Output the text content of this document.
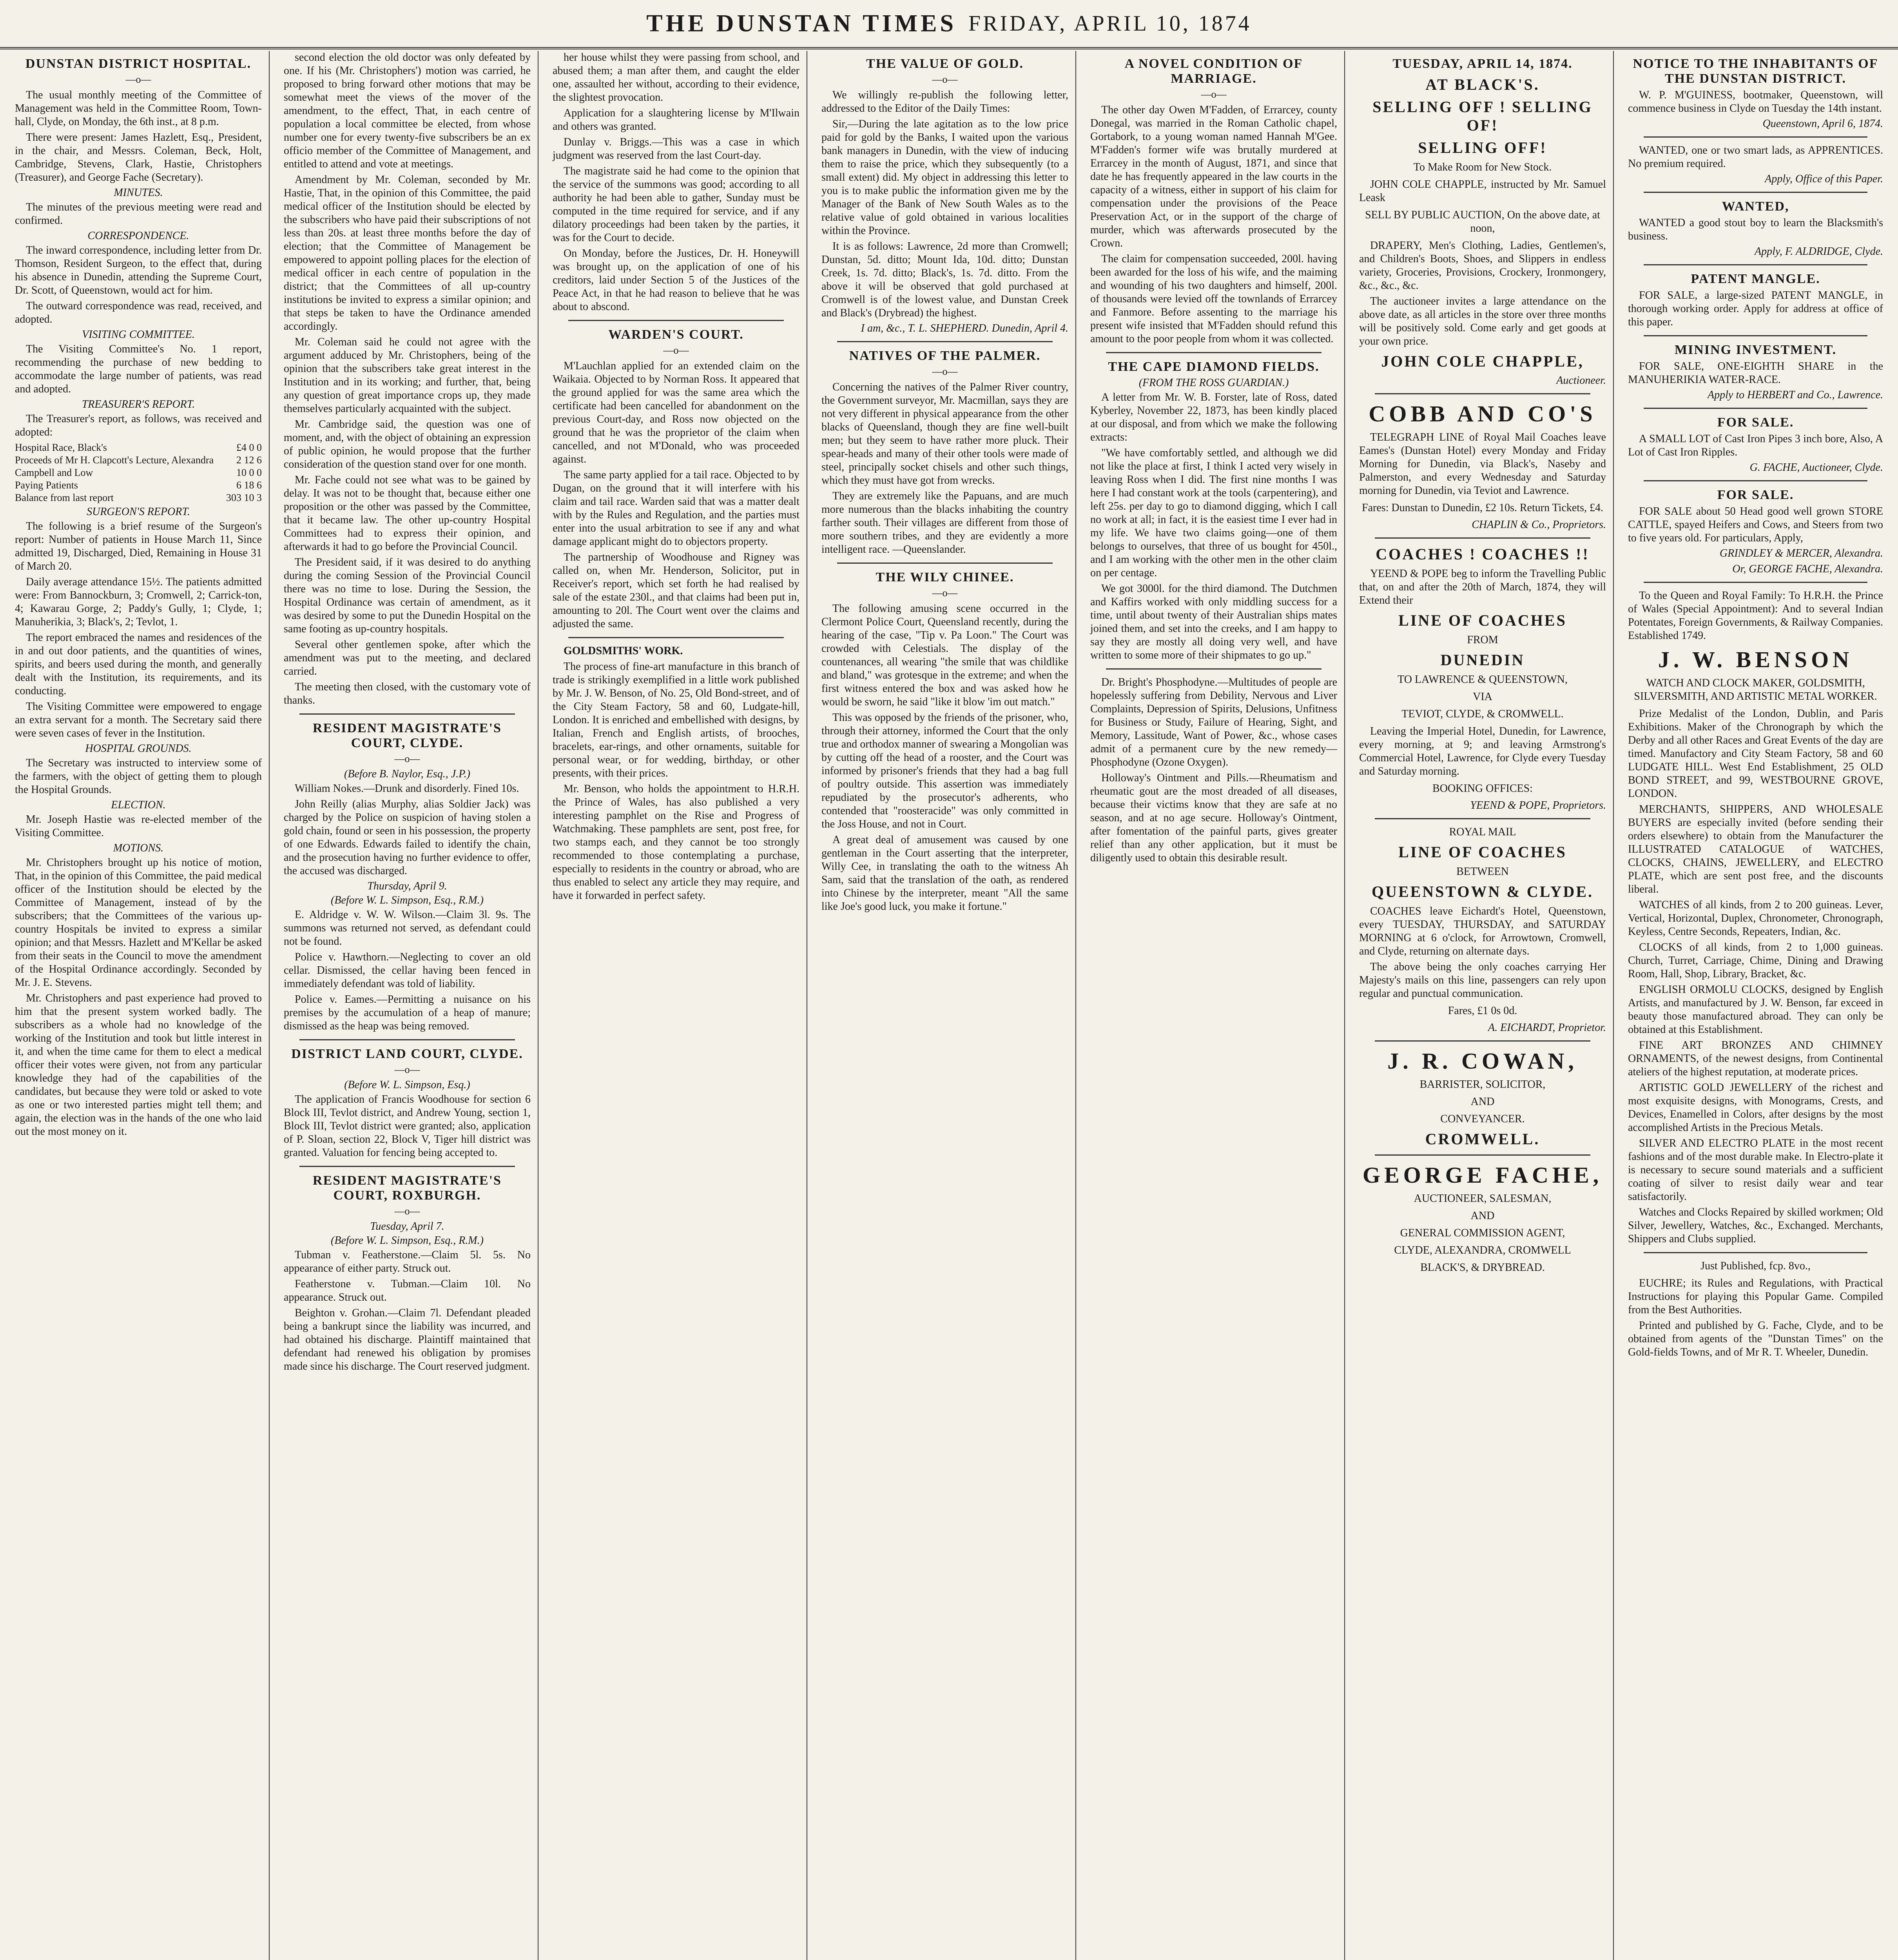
THE DUNSTAN TIMES FRIDAY, APRIL 10, 1874
DUNSTAN DISTRICT HOSPITAL.
—o—

The usual monthly meeting of the Committee of Management was held in the Committee Room, Town-hall, Clyde, on Monday, the 6th inst., at 8 p.m.

There were present: James Hazlett, Esq., President, in the chair, and Messrs. Coleman, Beck, Holt, Cambridge, Stevens, Clark, Hastie, Christophers (Treasurer), and George Fache (Secretary).

MINUTES.

The minutes of the previous meeting were read and confirmed.

CORRESPONDENCE.

The inward correspondence, including letter from Dr. Thomson, Resident Surgeon, to the effect that, during his absence in Dunedin, attending the Supreme Court, Dr. Scott, of Queenstown, would act for him.

The outward correspondence was read, received, and adopted.

VISITING COMMITTEE.

The Visiting Committee's No. 1 report, recommending the purchase of new bedding to accommodate the large number of patients, was read and adopted.

TREASURER'S REPORT.

The Treasurer's report, as follows, was received and adopted:

Hospital Race, Black's	£4 0 0
Proceeds of Mr H. Clapcott's Lecture, Alexandra 2 12 6
Campbell and Low	10 0 0
Paying Patients	6 18 6
Balance from last report	303 10 3
SURGEON'S REPORT.

The following is a brief resume of the Surgeon's report: Number of patients in House March 11, Since admitted 19, Discharged, Died, Remaining in House 31 of March 20.

Daily average attendance 15½. The patients admitted were: From Bannockburn, 3; Cromwell, 2; Carrick-ton, 4; Kawarau Gorge, 2; Paddy's Gully, 1; Clyde, 1; Manuherikia, 3; Black's, 2; Tevlot, 1.

The report embraced the names and residences of the in and out door patients, and the quantities of wines, spirits, and beers used during the month, and generally dealt with the Institution, its requirements, and its conducting.

The Visiting Committee were empowered to engage an extra servant for a month. The Secretary said there were seven cases of fever in the Institution.

HOSPITAL GROUNDS.

The Secretary was instructed to interview some of the farmers, with the object of getting them to plough the Hospital Grounds.

ELECTION.

Mr. Joseph Hastie was re-elected member of the Visiting Committee.

MOTIONS.

Mr. Christophers brought up his notice of motion, That, in the opinion of this Committee, the paid medical officer of the Institution should be elected by the Committee of Management, instead of by the subscribers; that the Committees of the various up-country Hospitals be invited to express a similar opinion; and that Messrs. Hazlett and M'Kellar be asked from their seats in the Council to move the amendment of the Hospital Ordinance accordingly. Seconded by Mr. J. E. Stevens.

Mr. Christophers and past experience had proved to him that the present system worked badly. The subscribers as a whole had no knowledge of the working of the Institution and took but little interest in it, and when the time came for them to elect a medical officer their votes were given, not from any particular knowledge they had of the capabilities of the candidates, but because they were told or asked to vote as one or two interested parties might tell them; and again, the election was in the hands of the one who laid out the most money on it.

second election the old doctor was only defeated by one. If his (Mr. Christophers') motion was carried, he proposed to bring forward other motions that may be somewhat meet the views of the mover of the amendment, to the effect, That, in each centre of population a local committee be elected, from whose number one for every twenty-five subscribers be an ex officio member of the Committee of Management, and entitled to attend and vote at meetings.

Amendment by Mr. Coleman, seconded by Mr. Hastie, That, in the opinion of this Committee, the paid medical officer of the Institution should be elected by the subscribers who have paid their subscriptions of not less than 20s. at least three months before the day of election; that the Committee of Management be empowered to appoint polling places for the election of medical officer in each centre of population in the district; that the Committees of all up-country institutions be invited to express a similar opinion; and that steps be taken to have the Ordinance amended accordingly.

Mr. Coleman said he could not agree with the argument adduced by Mr. Christophers, being of the opinion that the subscribers take great interest in the Institution and in its working; and further, that, being any question of great importance crops up, they made themselves particularly acquainted with the subject.

Mr. Cambridge said, the question was one of moment, and, with the object of obtaining an expression of public opinion, he would propose that the further consideration of the question stand over for one month.

Mr. Fache could not see what was to be gained by delay. It was not to be thought that, because either one proposition or the other was passed by the Committee, that it became law. The other up-country Hospital Committees had to express their opinion, and afterwards it had to go before the Provincial Council.

The President said, if it was desired to do anything during the coming Session of the Provincial Council there was no time to lose. During the Session, the Hospital Ordinance was certain of amendment, as it was desired by some to put the Dunedin Hospital on the same footing as up-country hospitals.

Several other gentlemen spoke, after which the amendment was put to the meeting, and declared carried.

The meeting then closed, with the customary vote of thanks.

RESIDENT MAGISTRATE'S COURT, CLYDE.
—o—
(Before B. Naylor, Esq., J.P.)

William Nokes.—Drunk and disorderly. Fined 10s.

John Reilly (alias Murphy, alias Soldier Jack) was charged by the Police on suspicion of having stolen a gold chain, found or seen in his possession, the property of one Edwards. Edwards failed to identify the chain, and the prosecution having no further evidence to offer, the accused was discharged.

Thursday, April 9.
(Before W. L. Simpson, Esq., R.M.)

E. Aldridge v. W. W. Wilson.—Claim 3l. 9s. The summons was returned not served, as defendant could not be found.

Police v. Hawthorn.—Neglecting to cover an old cellar. Dismissed, the cellar having been fenced in immediately defendant was told of liability.

Police v. Eames.—Permitting a nuisance on his premises by the accumulation of a heap of manure; dismissed as the heap was being removed.

DISTRICT LAND COURT, CLYDE.
—o—
(Before W. L. Simpson, Esq.)

The application of Francis Woodhouse for section 6 Block III, Tevlot district, and Andrew Young, section 1, Block III, Tevlot district were granted; also, application of P. Sloan, section 22, Block V, Tiger hill district was granted. Valuation for fencing being accepted to.

RESIDENT MAGISTRATE'S COURT, ROXBURGH.
—o—
Tuesday, April 7.
(Before W. L. Simpson, Esq., R.M.)

Tubman v. Featherstone.—Claim 5l. 5s. No appearance of either party. Struck out.

Featherstone v. Tubman.—Claim 10l. No appearance. Struck out.

Beighton v. Grohan.—Claim 7l. Defendant pleaded being a bankrupt since the liability was incurred, and had obtained his discharge. Plaintiff maintained that defendant had renewed his obligation by promises made since his discharge. The Court reserved judgment.

her house whilst they were passing from school, and abused them; a man after them, and caught the elder one, assaulted her without, according to their evidence, the slightest provocation.

Application for a slaughtering license by M'Ilwain and others was granted.

Dunlay v. Briggs.—This was a case in which judgment was reserved from the last Court-day.

The magistrate said he had come to the opinion that the service of the summons was good; according to all authority he had been able to gather, Sunday must be computed in the time required for service, and if any dilatory proceedings had been taken by the parties, it was for the Court to decide.

On Monday, before the Justices, Dr. H. Honeywill was brought up, on the application of one of his creditors, laid under Section 5 of the Justices of the Peace Act, in that he had reason to believe that he was about to abscond.

WARDEN'S COURT.
—o—

M'Lauchlan applied for an extended claim on the Waikaia. Objected to by Norman Ross. It appeared that the ground applied for was the same area which the certificate had been cancelled for abandonment on the previous Court-day, and Ross now objected on the ground that he was the proprietor of the claim when cancelled, and not M'Donald, who was proceeded against.

The same party applied for a tail race. Objected to by Dugan, on the ground that it will interfere with his claim and tail race. Warden said that was a matter dealt with by the Rules and Regulation, and the parties must enter into the usual arbitration to see if any and what damage applicant might do to objectors property.

The partnership of Woodhouse and Rigney was called on, when Mr. Henderson, Solicitor, put in Receiver's report, which set forth he had realised by sale of the estate 230l., and that claims had been put in, amounting to 20l. The Court went over the claims and adjusted the same.

GOLDSMITHS' WORK.

The process of fine-art manufacture in this branch of trade is strikingly exemplified in a little work published by Mr. J. W. Benson, of No. 25, Old Bond-street, and of the City Steam Factory, 58 and 60, Ludgate-hill, London. It is enriched and embellished with designs, by Italian, French and English artists, of brooches, bracelets, ear-rings, and other ornaments, suitable for personal wear, or for wedding, birthday, or other presents, with their prices.

Mr. Benson, who holds the appointment to H.R.H. the Prince of Wales, has also published a very interesting pamphlet on the Rise and Progress of Watchmaking. These pamphlets are sent, post free, for two stamps each, and they cannot be too strongly recommended to those contemplating a purchase, especially to residents in the country or abroad, who are thus enabled to select any article they may require, and have it forwarded in perfect safety.

THE VALUE OF GOLD.
—o—

We willingly re-publish the following letter, addressed to the Editor of the Daily Times:

Sir,—During the late agitation as to the low price paid for gold by the Banks, I waited upon the various bank managers in Dunedin, with the view of inducing them to raise the price, which they subsequently (to a small extent) did. My object in addressing this letter to you is to make public the information given me by the Manager of the Bank of New South Wales as to the relative value of gold obtained in various localities within the Province.

It is as follows: Lawrence, 2d more than Cromwell; Dunstan, 5d. ditto; Mount Ida, 10d. ditto; Dunstan Creek, 1s. 7d. ditto; Black's, 1s. 7d. ditto. From the above it will be observed that gold purchased at Cromwell is of the lowest value, and Dunstan Creek and Black's (Drybread) the highest.

I am, &c., T. L. SHEPHERD. Dunedin, April 4.

NATIVES OF THE PALMER.
—o—

Concerning the natives of the Palmer River country, the Government surveyor, Mr. Macmillan, says they are not very different in physical appearance from the other blacks of Queensland, though they are fine well-built men; but they seem to have rather more pluck. Their spear-heads and many of their other tools were made of steel, principally socket chisels and other such things, which they must have got from wrecks.

They are extremely like the Papuans, and are much more numerous than the blacks inhabiting the country farther south. Their villages are different from those of more southern tribes, and they are evidently a more intelligent race. —Queenslander.

THE WILY CHINEE.
—o—

The following amusing scene occurred in the Clermont Police Court, Queensland recently, during the hearing of the case, "Tip v. Pa Loon." The Court was crowded with Celestials. The display of the countenances, all wearing "the smile that was childlike and bland," was grotesque in the extreme; and when the first witness entered the box and was asked how he would be sworn, he said "like it blow 'im out match."

This was opposed by the friends of the prisoner, who, through their attorney, informed the Court that the only true and orthodox manner of swearing a Mongolian was by cutting off the head of a rooster, and the Court was informed by prisoner's friends that they had a bag full of poultry outside. This assertion was immediately repudiated by the prosecutor's adherents, who contended that "roosteracide" was only committed in the Joss House, and not in Court.

A great deal of amusement was caused by one gentleman in the Court asserting that the interpreter, Willy Cee, in translating the oath to the witness Ah Sam, said that the translation of the oath, as rendered into Chinese by the interpreter, meant "All the same like Joe's good luck, you make it fortune."

A NOVEL CONDITION OF MARRIAGE.
—o—

The other day Owen M'Fadden, of Errarcey, county Donegal, was married in the Roman Catholic chapel, Gortabork, to a young woman named Hannah M'Gee. M'Fadden's former wife was brutally murdered at Errarcey in the month of August, 1871, and since that date he has frequently appeared in the law courts in the capacity of a witness, either in support of his claim for compensation under the provisions of the Peace Preservation Act, or in the support of the charge of murder, which was afterwards prosecuted by the Crown.

The claim for compensation succeeded, 200l. having been awarded for the loss of his wife, and the maiming and wounding of his two daughters and himself, 200l. of thousands were levied off the townlands of Errarcey and Fanmore. Before assenting to the marriage his present wife insisted that M'Fadden should refund this amount to the poor people from whom it was collected.

THE CAPE DIAMOND FIELDS.
(FROM THE ROSS GUARDIAN.)

A letter from Mr. W. B. Forster, late of Ross, dated Kyberley, November 22, 1873, has been kindly placed at our disposal, and from which we make the following extracts:

"We have comfortably settled, and although we did not like the place at first, I think I acted very wisely in leaving Ross when I did. The first nine months I was here I had constant work at the tools (carpentering), and left 25s. per day to go to diamond digging, which I call no work at all; in fact, it is the easiest time I ever had in my life. We have two claims going—one of them belongs to ourselves, that three of us bought for 450l., and I am working with the other men in the other claim on per centage.

We got 3000l. for the third diamond. The Dutchmen and Kaffirs worked with only middling success for a time, until about twenty of their Australian ships mates joined them, and set into the creeks, and I am happy to say they are mostly all doing very well, and have written to some more of their shipmates to go up."

Dr. Bright's Phosphodyne.—Multitudes of people are hopelessly suffering from Debility, Nervous and Liver Complaints, Depression of Spirits, Delusions, Unfitness for Business or Study, Failure of Hearing, Sight, and Memory, Lassitude, Want of Power, &c., whose cases admit of a permanent cure by the new remedy—Phosphodyne (Ozone Oxygen).

Holloway's Ointment and Pills.—Rheumatism and rheumatic gout are the most dreaded of all diseases, because their victims know that they are safe at no season, and at no age secure. Holloway's Ointment, after fomentation of the painful parts, gives greater relief than any other application, but it must be diligently used to obtain this desirable result.

TUESDAY, APRIL 14, 1874.
AT BLACK'S.
SELLING OFF ! SELLING OF!
SELLING OFF!
To Make Room for New Stock.

JOHN COLE CHAPPLE, instructed by Mr. Samuel Leask

SELL BY PUBLIC AUCTION, On the above date, at noon,

DRAPERY, Men's Clothing, Ladies, Gentlemen's, and Children's Boots, Shoes, and Slippers in endless variety, Groceries, Provisions, Crockery, Ironmongery, &c., &c., &c.

The auctioneer invites a large attendance on the above date, as all articles in the store over three months will be positively sold. Come early and get goods at your own price.

JOHN COLE CHAPPLE,

Auctioneer.

COBB AND CO'S

TELEGRAPH LINE of Royal Mail Coaches leave Eames's (Dunstan Hotel) every Monday and Friday Morning for Dunedin, via Black's, Naseby and Palmerston, and every Wednesday and Saturday morning for Dunedin, via Teviot and Lawrence.

Fares: Dunstan to Dunedin, £2 10s. Return Tickets, £4.

CHAPLIN & Co., Proprietors.

COACHES ! COACHES !!

YEEND & POPE beg to inform the Travelling Public that, on and after the 20th of March, 1874, they will Extend their

LINE OF COACHES
FROM
DUNEDIN
TO LAWRENCE & QUEENSTOWN,
VIA
TEVIOT, CLYDE, & CROMWELL.

Leaving the Imperial Hotel, Dunedin, for Lawrence, every morning, at 9; and leaving Armstrong's Commercial Hotel, Lawrence, for Clyde every Tuesday and Saturday morning.

BOOKING OFFICES:

YEEND & POPE, Proprietors.

ROYAL MAIL
LINE OF COACHES
BETWEEN
QUEENSTOWN & CLYDE.

COACHES leave Eichardt's Hotel, Queenstown, every TUESDAY, THURSDAY, and SATURDAY MORNING at 6 o'clock, for Arrowtown, Cromwell, and Clyde, returning on alternate days.

The above being the only coaches carrying Her Majesty's mails on this line, passengers can rely upon regular and punctual communication.

Fares, £1 0s 0d.

A. EICHARDT, Proprietor.

J. R. COWAN,
BARRISTER, SOLICITOR,
AND
CONVEYANCER.
CROMWELL.
GEORGE FACHE,
AUCTIONEER, SALESMAN,
AND
GENERAL COMMISSION AGENT,
CLYDE, ALEXANDRA, CROMWELL
BLACK'S, & DRYBREAD.
NOTICE TO THE INHABITANTS OF THE DUNSTAN DISTRICT.

W. P. M'GUINESS, bootmaker, Queenstown, will commence business in Clyde on Tuesday the 14th instant.

Queenstown, April 6, 1874.

WANTED, one or two smart lads, as APPRENTICES. No premium required.

Apply, Office of this Paper.

WANTED,

WANTED a good stout boy to learn the Blacksmith's business.

Apply, F. ALDRIDGE, Clyde.

PATENT MANGLE.

FOR SALE, a large-sized PATENT MANGLE, in thorough working order. Apply for address at office of this paper.

MINING INVESTMENT.

FOR SALE, ONE-EIGHTH SHARE in the MANUHERIKIA WATER-RACE.

Apply to HERBERT and Co., Lawrence.

FOR SALE.

A SMALL LOT of Cast Iron Pipes 3 inch bore, Also, A Lot of Cast Iron Ripples.

G. FACHE, Auctioneer, Clyde.

FOR SALE.

FOR SALE about 50 Head good well grown STORE CATTLE, spayed Heifers and Cows, and Steers from two to five years old. For particulars, Apply,

GRINDLEY & MERCER, Alexandra.

Or, GEORGE FACHE, Alexandra.

To the Queen and Royal Family: To H.R.H. the Prince of Wales (Special Appointment): And to several Indian Potentates, Foreign Governments, & Railway Companies. Established 1749.

J. W. BENSON
WATCH AND CLOCK MAKER, GOLDSMITH, SILVERSMITH, AND ARTISTIC METAL WORKER.

Prize Medalist of the London, Dublin, and Paris Exhibitions. Maker of the Chronograph by which the Derby and all other Races and Great Events of the day are timed. Manufactory and City Steam Factory, 58 and 60 LUDGATE HILL. West End Establishment, 25 OLD BOND STREET, and 99, WESTBOURNE GROVE, LONDON.

MERCHANTS, SHIPPERS, AND WHOLESALE BUYERS are especially invited (before sending their orders elsewhere) to obtain from the Manufacturer the ILLUSTRATED CATALOGUE of WATCHES, CLOCKS, CHAINS, JEWELLERY, and ELECTRO PLATE, which are sent post free, and the discounts liberal.

WATCHES of all kinds, from 2 to 200 guineas. Lever, Vertical, Horizontal, Duplex, Chronometer, Chronograph, Keyless, Centre Seconds, Repeaters, Indian, &c.

CLOCKS of all kinds, from 2 to 1,000 guineas. Church, Turret, Carriage, Chime, Dining and Drawing Room, Hall, Shop, Library, Bracket, &c.

ENGLISH ORMOLU CLOCKS, designed by English Artists, and manufactured by J. W. Benson, far exceed in beauty those manufactured abroad. They can only be obtained at this Establishment.

FINE ART BRONZES AND CHIMNEY ORNAMENTS, of the newest designs, from Continental ateliers of the highest reputation, at moderate prices.

ARTISTIC GOLD JEWELLERY of the richest and most exquisite designs, with Monograms, Crests, and Devices, Enamelled in Colors, after designs by the most accomplished Artists in the Precious Metals.

SILVER AND ELECTRO PLATE in the most recent fashions and of the most durable make. In Electro-plate it is necessary to secure sound materials and a sufficient coating of silver to resist daily wear and tear satisfactorily.

Watches and Clocks Repaired by skilled workmen; Old Silver, Jewellery, Watches, &c., Exchanged. Merchants, Shippers and Clubs supplied.

Just Published, fcp. 8vo.,

EUCHRE; its Rules and Regulations, with Practical Instructions for playing this Popular Game. Compiled from the Best Authorities.

Printed and published by G. Fache, Clyde, and to be obtained from agents of the "Dunstan Times" on the Gold-fields Towns, and of Mr R. T. Wheeler, Dunedin.
